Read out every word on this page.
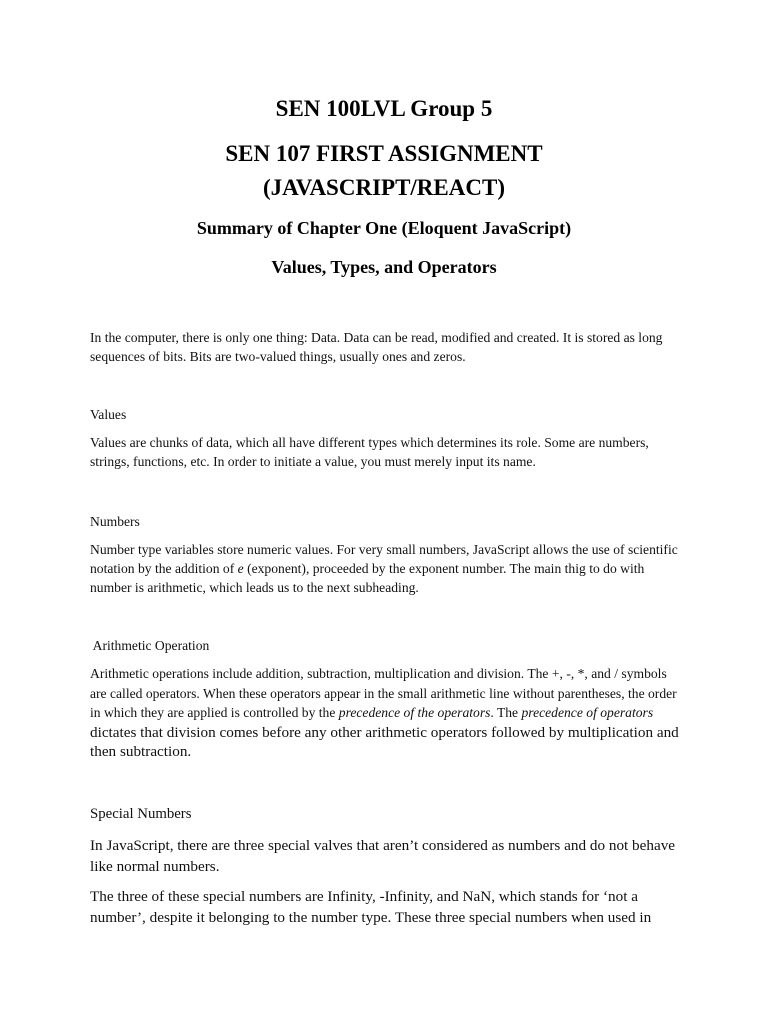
SEN 100LVL Group 5
SEN 107 FIRST ASSIGNMENT
(JAVASCRIPT/REACT)
Summary of Chapter One (Eloquent JavaScript)
Values, Types, and Operators

In the computer, there is only one thing: Data. Data can be read, modified and created. It is stored as long sequences of bits. Bits are two-valued things, usually ones and zeros.

Values

Values are chunks of data, which all have different types which determines its role. Some are numbers, strings, functions, etc. In order to initiate a value, you must merely input its name.

Numbers

Number type variables store numeric values. For very small numbers, JavaScript allows the use of scientific notation by the addition of e (exponent), proceeded by the exponent number. The main thig to do with number is arithmetic, which leads us to the next subheading.

Arithmetic Operation

Arithmetic operations include addition, subtraction, multiplication and division. The +, -, *, and / symbols are called operators. When these operators appear in the small arithmetic line without parentheses, the order in which they are applied is controlled by the precedence of the operators. The precedence of operators dictates that division comes before any other arithmetic operators followed by multiplication and then subtraction.

Special Numbers

In JavaScript, there are three special valves that aren’t considered as numbers and do not behave like normal numbers.

The three of these special numbers are Infinity, -Infinity, and NaN, which stands for ‘not a number’, despite it belonging to the number type. These three special numbers when used in
